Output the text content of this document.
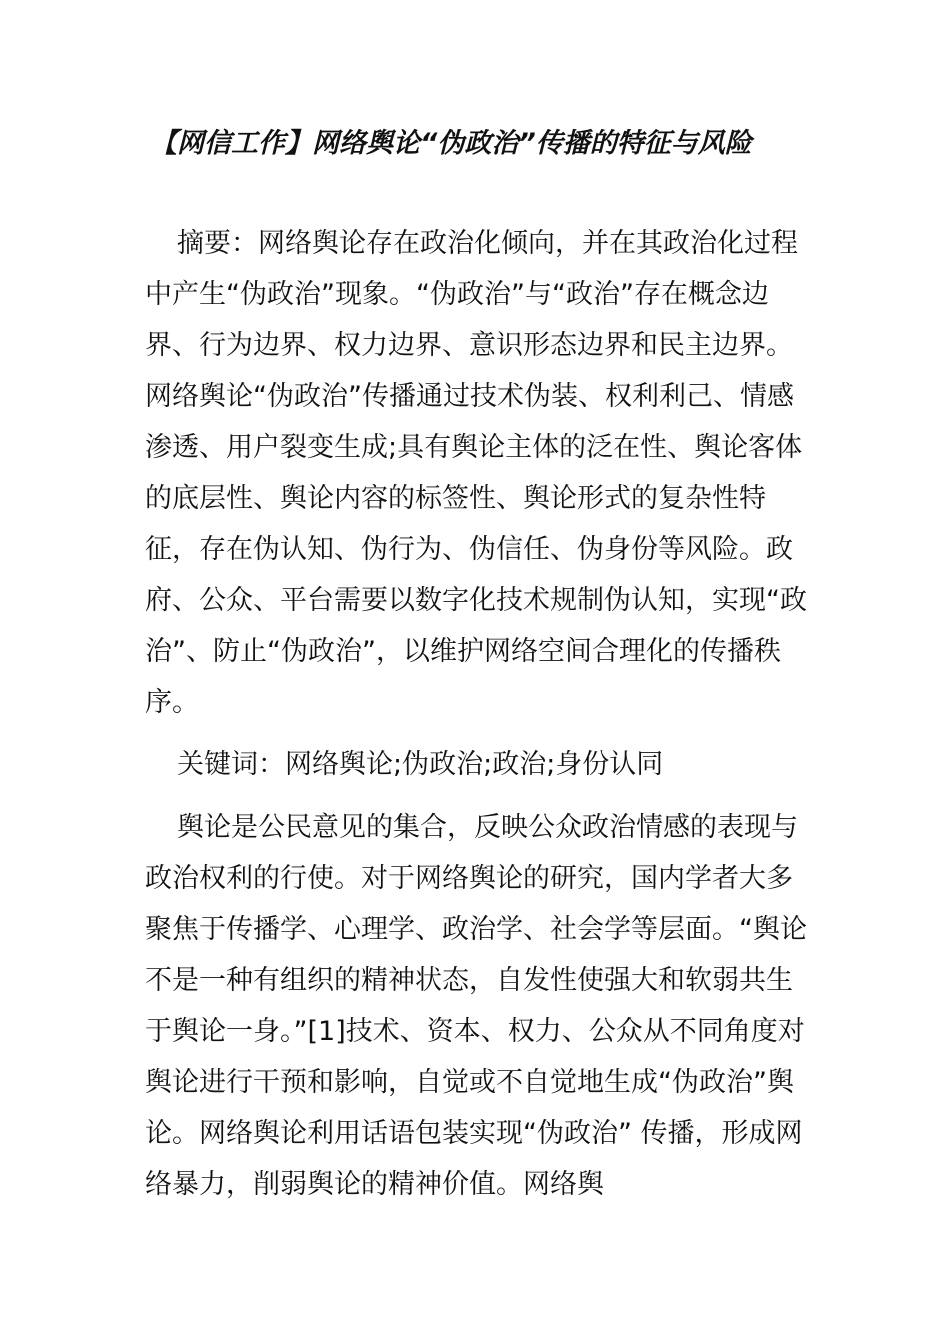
【网信工作】网络舆论“伪政治”传播的特征与风险
摘要：网络舆论存在政治化倾向，并在其政治化过程中产生“伪政治”现象。“伪政治”与“政治”存在概念边界、行为边界、权力边界、意识形态边界和民主边界。网络舆论“伪政治”传播通过技术伪装、权利利己、情感渗透、用户裂变生成;具有舆论主体的泛在性、舆论客体的底层性、舆论内容的标签性、舆论形式的复杂性特征，存在伪认知、伪行为、伪信任、伪身份等风险。政府、公众、平台需要以数字化技术规制伪认知，实现“政治”、防止“伪政治”，以维护网络空间合理化的传播秩序。
关键词：网络舆论;伪政治;政治;身份认同
舆论是公民意见的集合，反映公众政治情感的表现与政治权利的行使。对于网络舆论的研究，国内学者大多聚焦于传播学、心理学、政治学、社会学等层面。“舆论不是一种有组织的精神状态，自发性使强大和软弱共生于舆论一身。”[1]技术、资本、权力、公众从不同角度对舆论进行干预和影响，自觉或不自觉地生成“伪政治”舆论。网络舆论利用话语包装实现“伪政治” 传播，形成网络暴力，削弱舆论的精神价值。网络舆
